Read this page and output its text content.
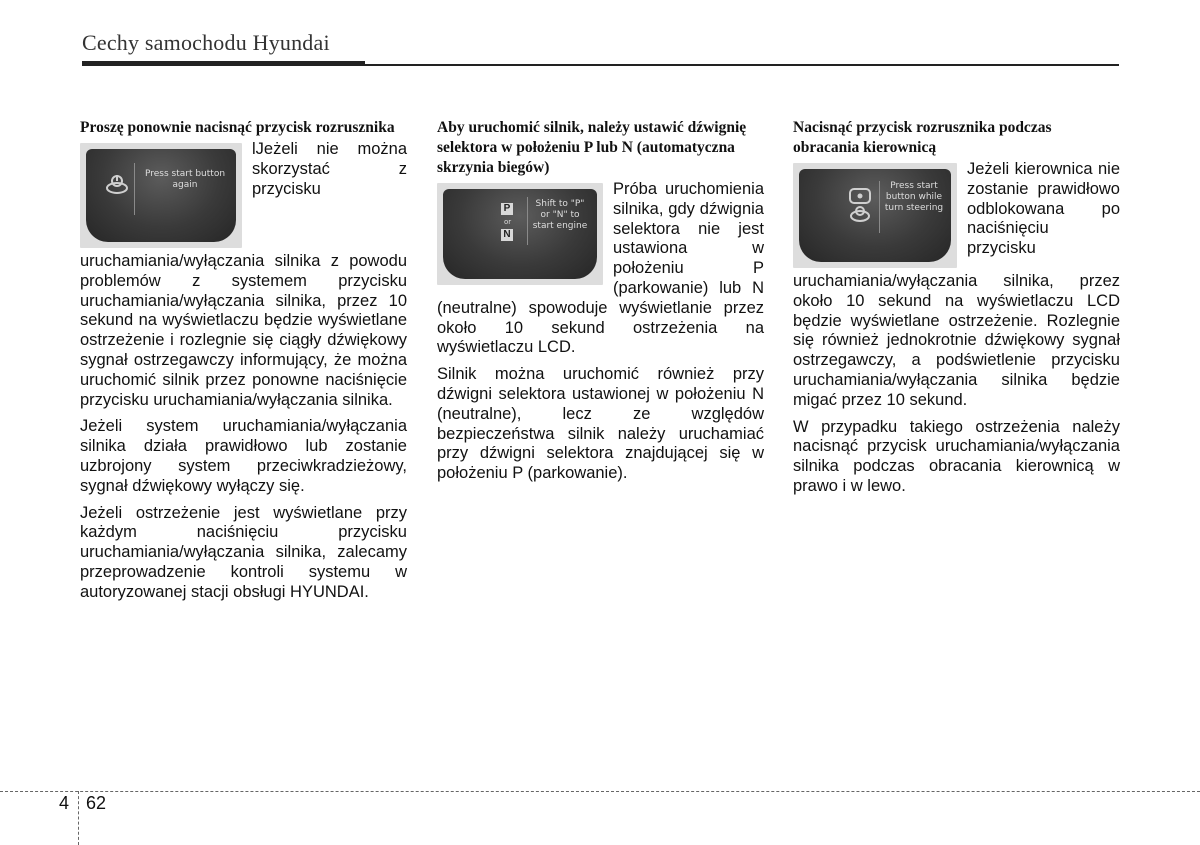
Cechy samochodu Hyundai
Proszę ponownie nacisnąć przycisk rozrusznika
Press start button again

lJeżeli nie można skorzystać z przycisku uruchamiania/wyłączania silnika z powodu problemów z systemem przycisku uruchamiania/wyłączania silnika, przez 10 sekund na wyświetlaczu będzie wyświetlane ostrzeżenie i rozlegnie się ciągły dźwiękowy sygnał ostrzegawczy informujący, że można uruchomić silnik przez ponowne naciśnięcie przycisku uruchamiania/wyłączania silnika.

Jeżeli system uruchamiania/wyłączania silnika działa prawidłowo lub zostanie uzbrojony system przeciwkradzieżowy, sygnał dźwiękowy wyłączy się.

Jeżeli ostrzeżenie jest wyświetlane przy każdym naciśnięciu przycisku uruchamiania/wyłączania silnika, zalecamy przeprowadzenie kontroli systemu w autoryzowanej stacji obsługi HYUNDAI.

Aby uruchomić silnik, należy ustawić dźwignię selektora w położeniu P lub N (automatyczna skrzynia biegów)
P
or
N
Shift to "P" or "N" to start engine

Próba uruchomienia silnika, gdy dźwignia selektora nie jest ustawiona w położeniu P (parkowanie) lub N (neutralne) spowoduje wyświetlanie przez około 10 sekund ostrzeżenia na wyświetlaczu LCD.

Silnik można uruchomić również przy dźwigni selektora ustawionej w położeniu N (neutralne), lecz ze względów bezpieczeństwa silnik należy uruchamiać przy dźwigni selektora znajdującej się w położeniu P (parkowanie).

Nacisnąć przycisk rozrusznika podczas obracania kierownicą
Press start button while turn steering

Jeżeli kierownica nie zostanie prawidłowo odblokowana po naciśnięciu przycisku uruchamiania/wyłączania silnika, przez około 10 sekund na wyświetlaczu LCD będzie wyświetlane ostrzeżenie. Rozlegnie się również jednokrotnie dźwiękowy sygnał ostrzegawczy, a podświetlenie przycisku uruchamiania/wyłączania silnika będzie migać przez 10 sekund.

W przypadku takiego ostrzeżenia należy nacisnąć przycisk uruchamiania/wyłączania silnika podczas obracania kierownicą w prawo i w lewo.

4 62
